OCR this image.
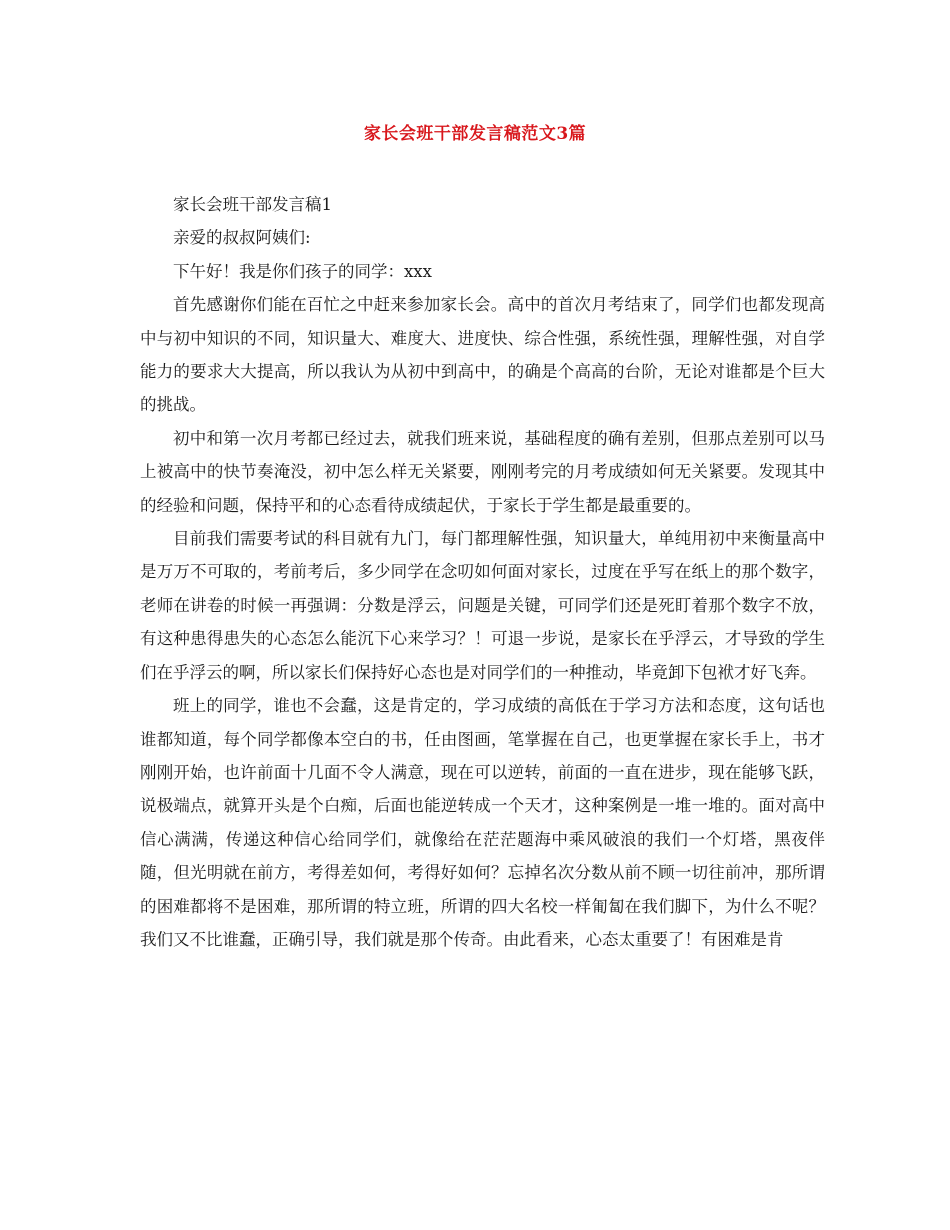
家长会班干部发言稿范文3篇

家长会班干部发言稿1

亲爱的叔叔阿姨们:

下午好！我是你们孩子的同学：xxx

首先感谢你们能在百忙之中赶来参加家长会。高中的首次月考结束了，同学们也都发现高中与初中知识的不同，知识量大、难度大、进度快、综合性强，系统性强，理解性强，对自学能力的要求大大提高，所以我认为从初中到高中，的确是个高高的台阶，无论对谁都是个巨大的挑战。

初中和第一次月考都已经过去，就我们班来说，基础程度的确有差别，但那点差别可以马上被高中的快节奏淹没，初中怎么样无关紧要，刚刚考完的月考成绩如何无关紧要。发现其中的经验和问题，保持平和的心态看待成绩起伏，于家长于学生都是最重要的。

目前我们需要考试的科目就有九门，每门都理解性强，知识量大，单纯用初中来衡量高中是万万不可取的，考前考后，多少同学在念叨如何面对家长，过度在乎写在纸上的那个数字，老师在讲卷的时候一再强调：分数是浮云，问题是关键，可同学们还是死盯着那个数字不放，有这种患得患失的心态怎么能沉下心来学习？！可退一步说，是家长在乎浮云，才导致的学生们在乎浮云的啊，所以家长们保持好心态也是对同学们的一种推动，毕竟卸下包袱才好飞奔。

班上的同学，谁也不会蠢，这是肯定的，学习成绩的高低在于学习方法和态度，这句话也谁都知道，每个同学都像本空白的书，任由图画，笔掌握在自己，也更掌握在家长手上，书才刚刚开始，也许前面十几面不令人满意，现在可以逆转，前面的一直在进步，现在能够飞跃，说极端点，就算开头是个白痴，后面也能逆转成一个天才，这种案例是一堆一堆的。面对高中信心满满，传递这种信心给同学们，就像给在茫茫题海中乘风破浪的我们一个灯塔，黑夜伴随，但光明就在前方，考得差如何，考得好如何？忘掉名次分数从前不顾一切往前冲，那所谓的困难都将不是困难，那所谓的特立班，所谓的四大名校一样匍匐在我们脚下，为什么不呢？我们又不比谁蠢，正确引导，我们就是那个传奇。由此看来，心态太重要了！有困难是肯
